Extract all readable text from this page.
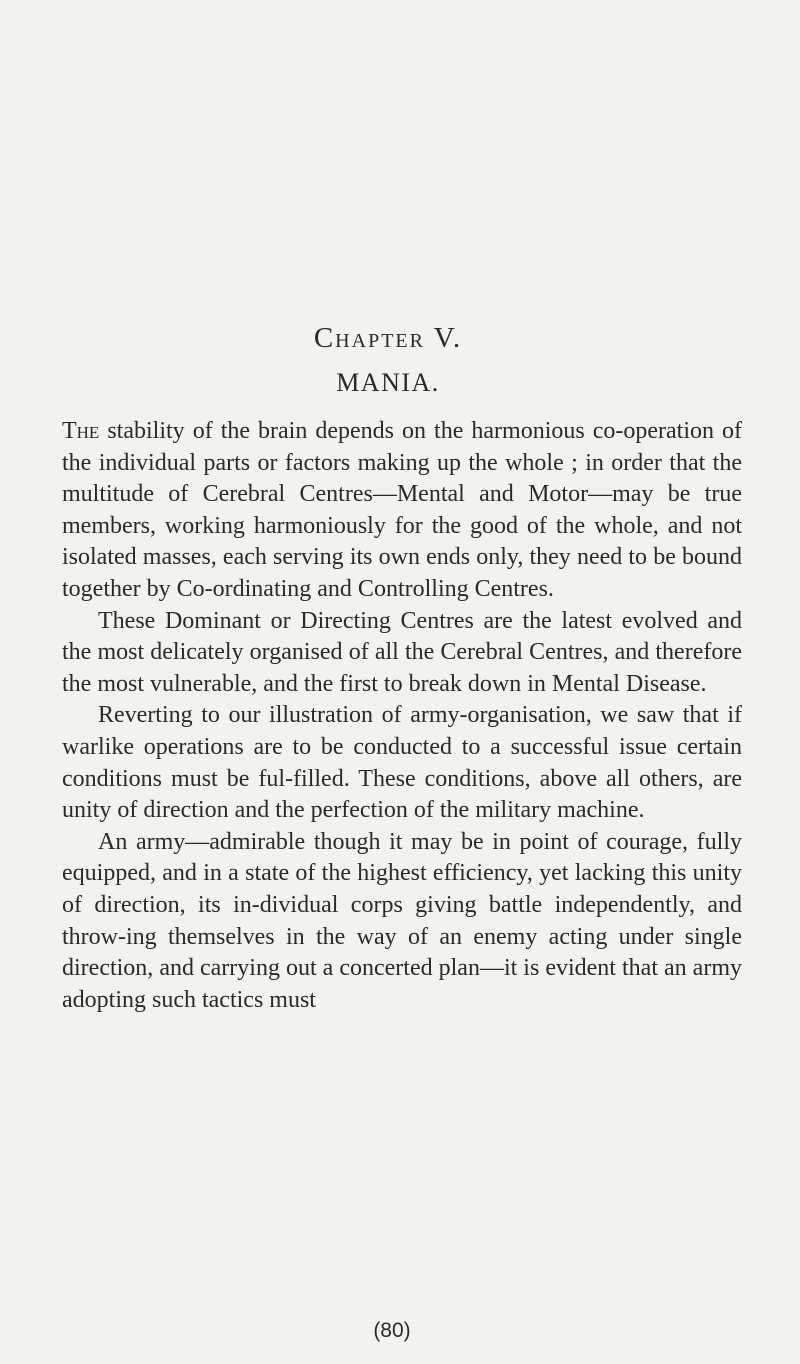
Chapter V.
MANIA.

The stability of the brain depends on the harmonious co-operation of the individual parts or factors making up the whole ; in order that the multitude of Cerebral Centres—Mental and Motor—may be true members, working harmoniously for the good of the whole, and not isolated masses, each serving its own ends only, they need to be bound together by Co-ordinating and Controlling Centres.

These Dominant or Directing Centres are the latest evolved and the most delicately organised of all the Cerebral Centres, and therefore the most vulnerable, and the first to break down in Mental Disease.

Reverting to our illustration of army-organisation, we saw that if warlike operations are to be conducted to a successful issue certain conditions must be ful-filled. These conditions, above all others, are unity of direction and the perfection of the military machine.

An army—admirable though it may be in point of courage, fully equipped, and in a state of the highest efficiency, yet lacking this unity of direction, its in-dividual corps giving battle independently, and throw-ing themselves in the way of an enemy acting under single direction, and carrying out a concerted plan—it is evident that an army adopting such tactics must

(80)
